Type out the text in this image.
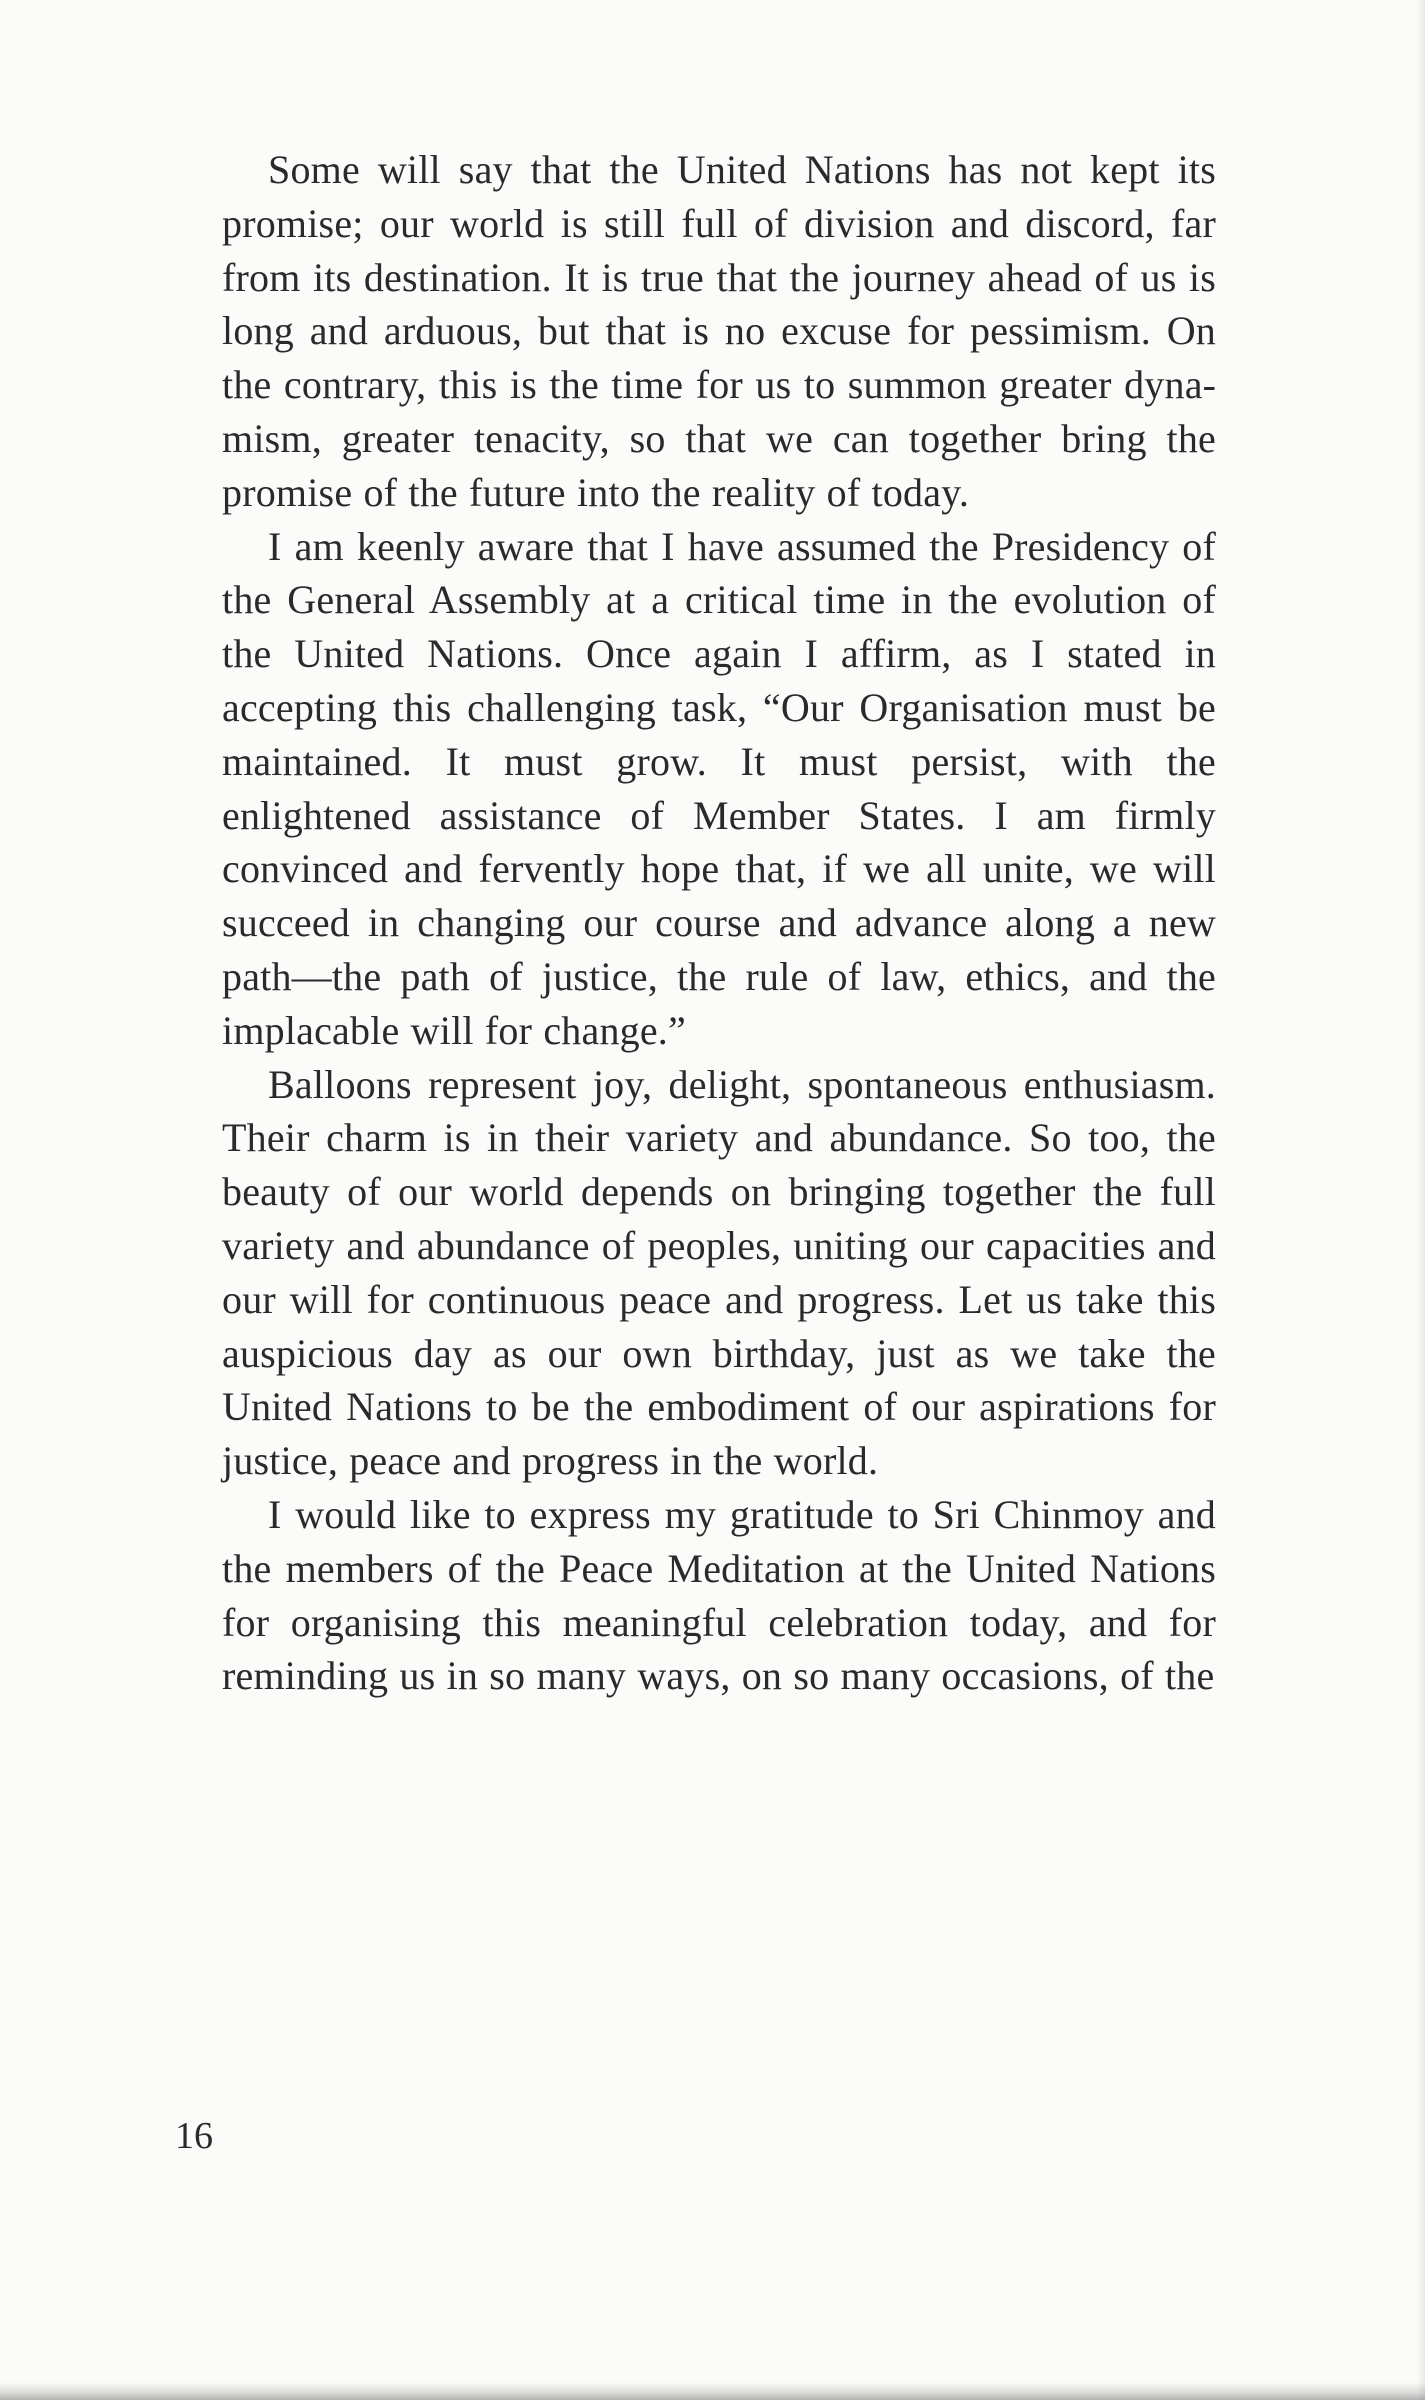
Some will say that the United Nations has not kept its promise; our world is still full of division and discord, far from its destination. It is true that the journey ahead of us is long and arduous, but that is no excuse for pessimism. On the contrary, this is the time for us to summon greater dynamism, greater tenacity, so that we can together bring the promise of the future into the reality of today.

I am keenly aware that I have assumed the Presidency of the General Assembly at a critical time in the evolution of the United Nations. Once again I affirm, as I stated in accepting this challenging task, “Our Organisation must be maintained. It must grow. It must persist, with the enlightened assistance of Member States. I am firmly convinced and fervently hope that, if we all unite, we will succeed in changing our course and advance along a new path—the path of justice, the rule of law, ethics, and the implacable will for change.”

Balloons represent joy, delight, spontaneous enthusiasm. Their charm is in their variety and abundance. So too, the beauty of our world depends on bringing together the full variety and abundance of peoples, uniting our capacities and our will for continuous peace and progress. Let us take this auspicious day as our own birthday, just as we take the United Nations to be the embodiment of our aspirations for justice, peace and progress in the world.

I would like to express my gratitude to Sri Chinmoy and the members of the Peace Meditation at the United Nations for organising this meaningful celebration today, and for reminding us in so many ways, on so many occasions, of the

16
